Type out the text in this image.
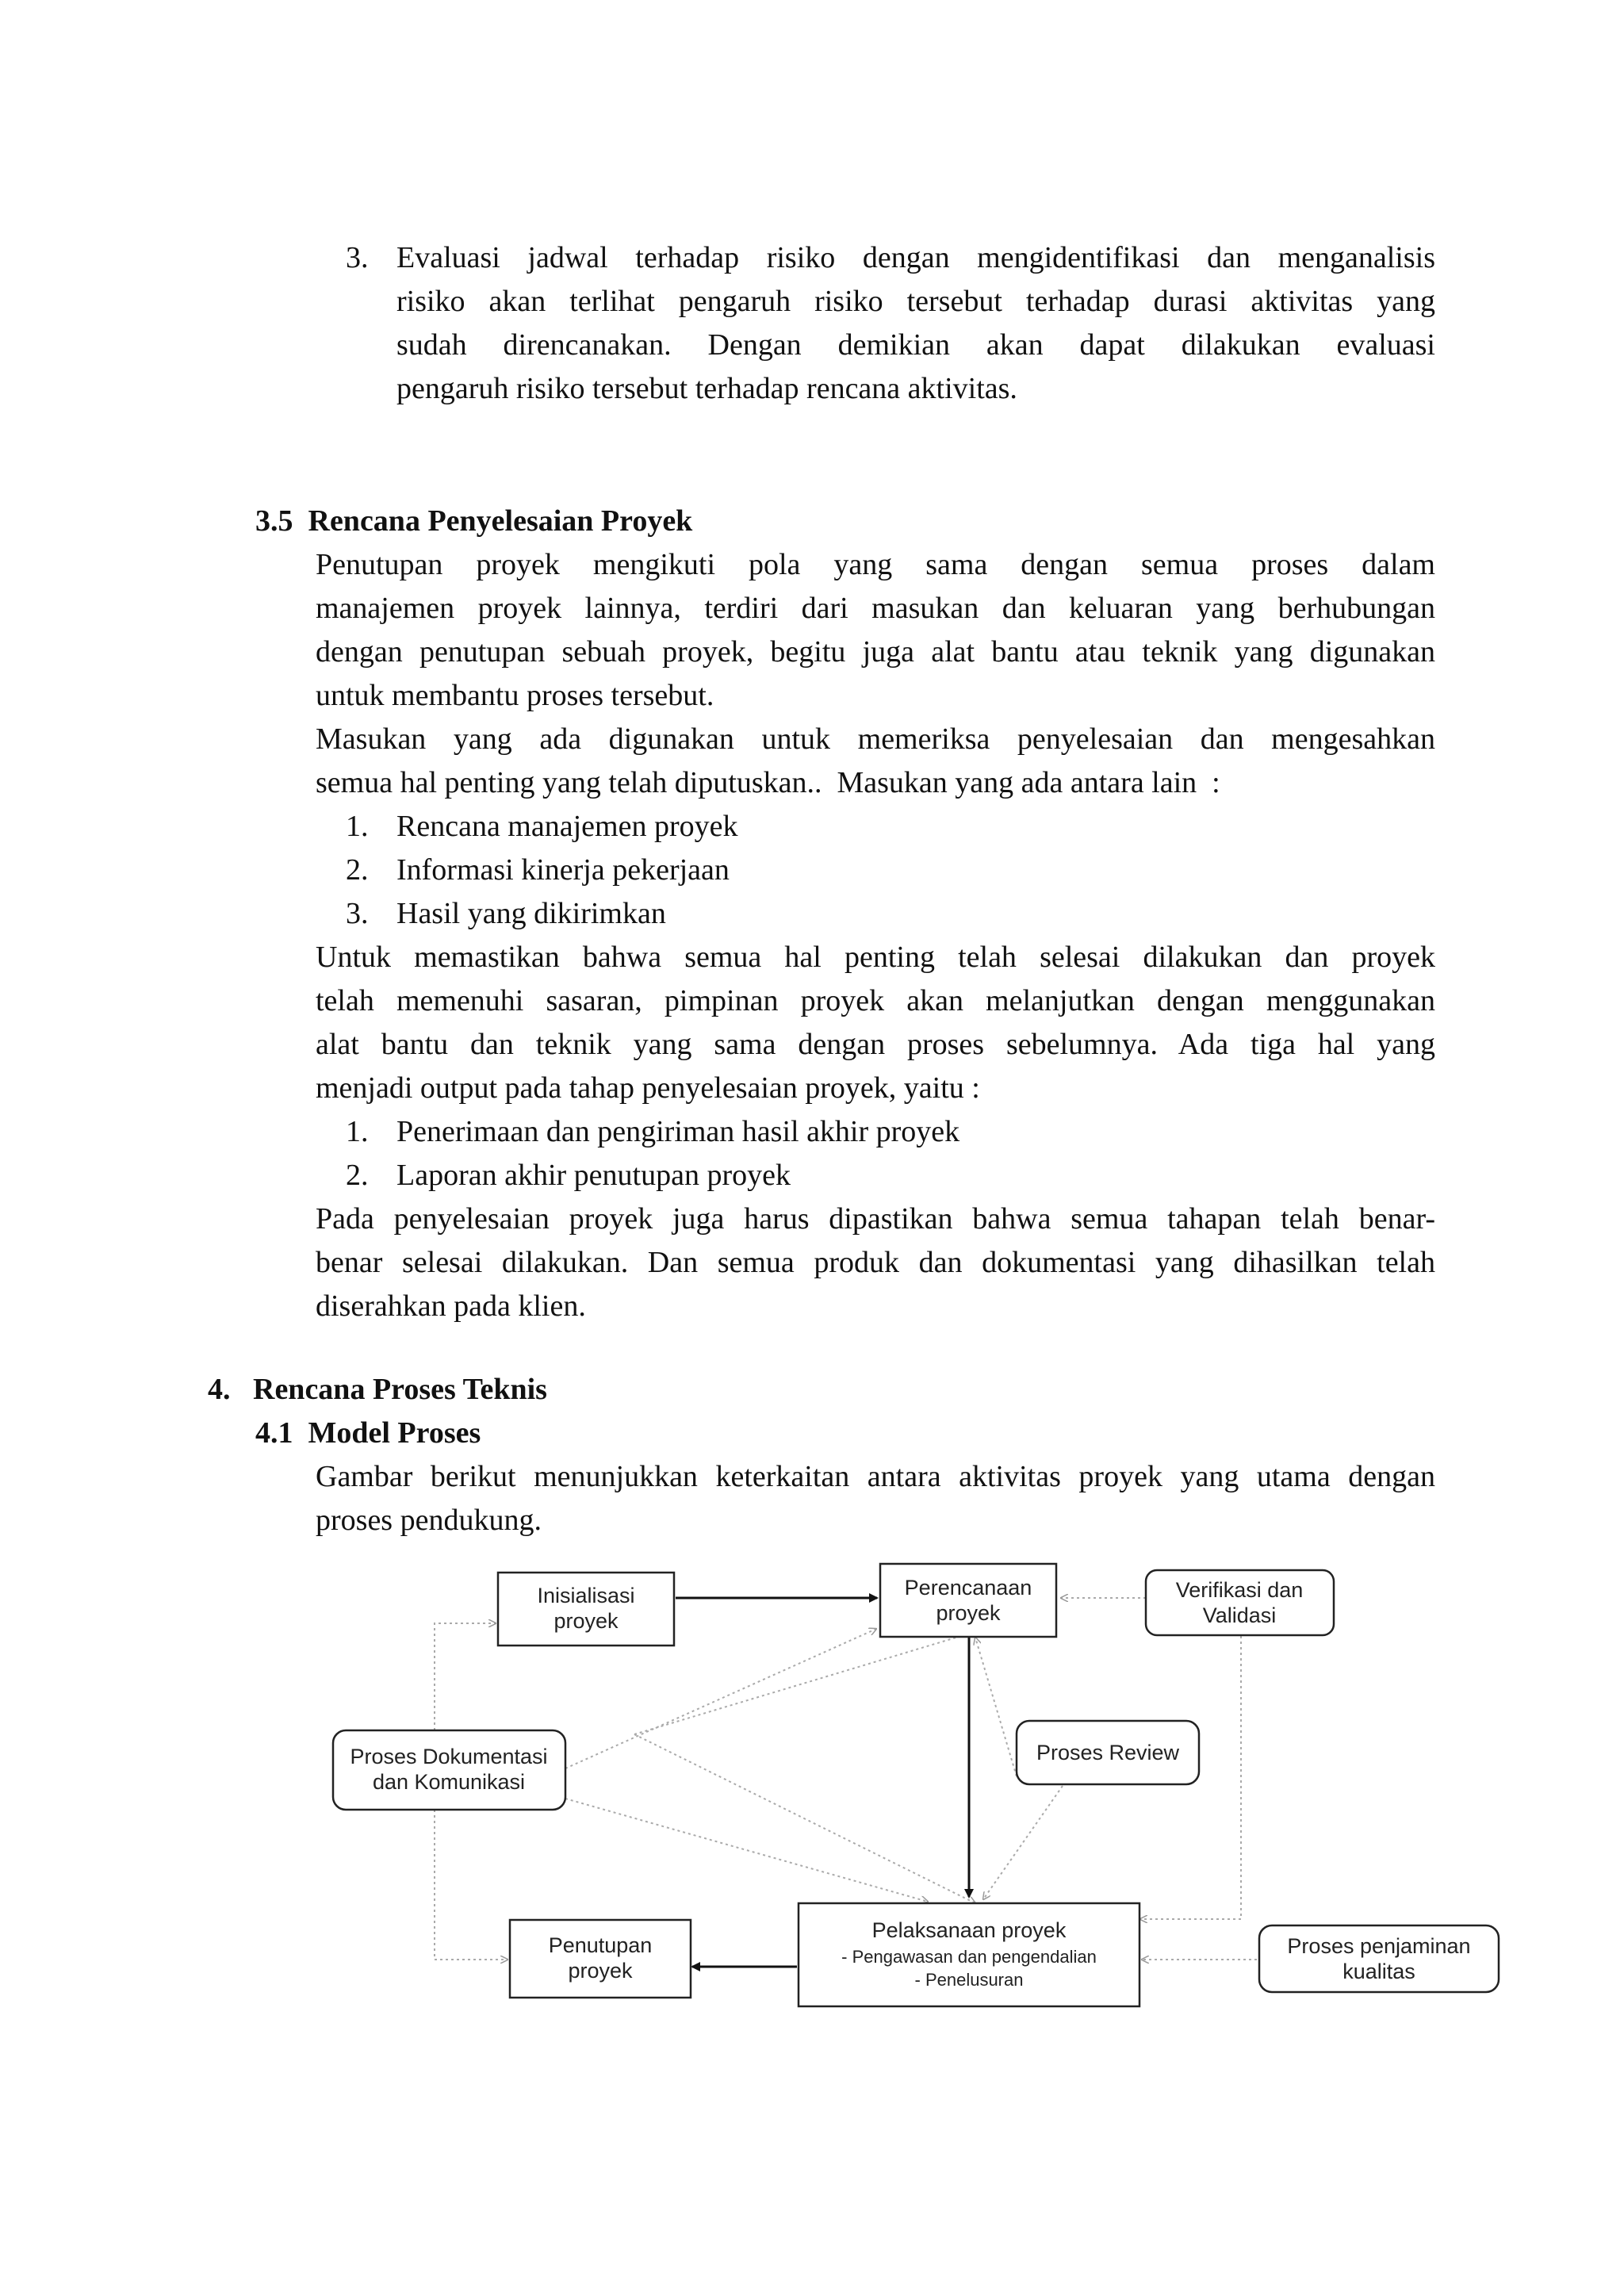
3. Evaluasi jadwal terhadap risiko dengan mengidentifikasi dan menganalisis
risiko akan terlihat pengaruh risiko tersebut terhadap durasi aktivitas yang
sudah direncanakan. Dengan demikian akan dapat dilakukan evaluasi
pengaruh risiko tersebut terhadap rencana aktivitas.
3.5  Rencana Penyelesaian Proyek
Penutupan proyek mengikuti pola yang sama dengan semua proses dalam
manajemen proyek lainnya, terdiri dari masukan dan keluaran yang berhubungan
dengan penutupan sebuah proyek, begitu juga alat bantu atau teknik yang digunakan
untuk membantu proses tersebut.
Masukan yang ada digunakan untuk memeriksa penyelesaian dan mengesahkan
semua hal penting yang telah diputuskan..  Masukan yang ada antara lain  :
1. Rencana manajemen proyek
2. Informasi kinerja pekerjaan
3. Hasil yang dikirimkan
Untuk memastikan bahwa semua hal penting telah selesai dilakukan dan proyek
telah memenuhi sasaran, pimpinan proyek akan melanjutkan dengan menggunakan
alat bantu dan teknik yang sama dengan proses sebelumnya. Ada tiga hal yang
menjadi output pada tahap penyelesaian proyek, yaitu :
1. Penerimaan dan pengiriman hasil akhir proyek
2. Laporan akhir penutupan proyek
Pada penyelesaian proyek juga harus dipastikan bahwa semua tahapan telah benar-
benar selesai dilakukan. Dan semua produk dan dokumentasi yang dihasilkan telah
diserahkan pada klien.
4.   Rencana Proses Teknis
4.1  Model Proses
Gambar berikut menunjukkan keterkaitan antara aktivitas proyek yang utama dengan
proses pendukung.
Inisialisasi
proyek
Perencanaan
proyek
Verifikasi dan
Validasi
Proses Dokumentasi
dan Komunikasi
Proses Review
Penutupan
proyek
Pelaksanaan proyek
- Pengawasan dan pengendalian
- Penelusuran
Proses penjaminan
kualitas
